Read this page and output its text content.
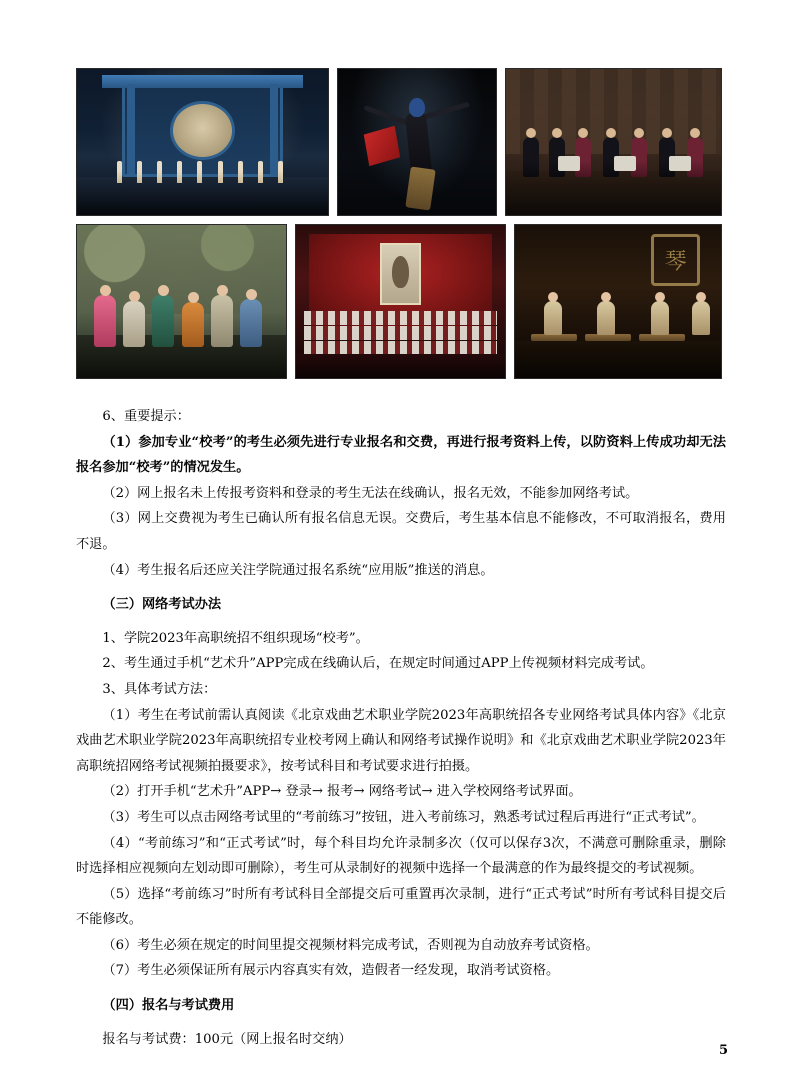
琴

6、重要提示：

（1）参加专业“校考”的考生必须先进行专业报名和交费，再进行报考资料上传，以防资料上传成功却无法报名参加“校考”的情况发生。

（2）网上报名未上传报考资料和登录的考生无法在线确认，报名无效，不能参加网络考试。

（3）网上交费视为考生已确认所有报名信息无误。交费后，考生基本信息不能修改，不可取消报名，费用不退。

（4）考生报名后还应关注学院通过报名系统“应用版”推送的消息。

（三）网络考试办法

1、学院2023年高职统招不组织现场“校考”。

2、考生通过手机“艺术升”APP完成在线确认后，在规定时间通过APP上传视频材料完成考试。

3、具体考试方法：

（1）考生在考试前需认真阅读《北京戏曲艺术职业学院2023年高职统招各专业网络考试具体内容》《北京戏曲艺术职业学院2023年高职统招专业校考网上确认和网络考试操作说明》和《北京戏曲艺术职业学院2023年高职统招网络考试视频拍摄要求》，按考试科目和考试要求进行拍摄。

（2）打开手机“艺术升”APP→ 登录→ 报考→ 网络考试→ 进入学校网络考试界面。

（3）考生可以点击网络考试里的“考前练习”按钮，进入考前练习，熟悉考试过程后再进行“正式考试”。

（4）“考前练习”和“正式考试”时，每个科目均允许录制多次（仅可以保存3次，不满意可删除重录，删除时选择相应视频向左划动即可删除），考生可从录制好的视频中选择一个最满意的作为最终提交的考试视频。

（5）选择“考前练习”时所有考试科目全部提交后可重置再次录制，进行“正式考试”时所有考试科目提交后不能修改。

（6）考生必须在规定的时间里提交视频材料完成考试，否则视为自动放弃考试资格。

（7）考生必须保证所有展示内容真实有效，造假者一经发现，取消考试资格。

（四）报名与考试费用

报名与考试费：100元（网上报名时交纳）

5
